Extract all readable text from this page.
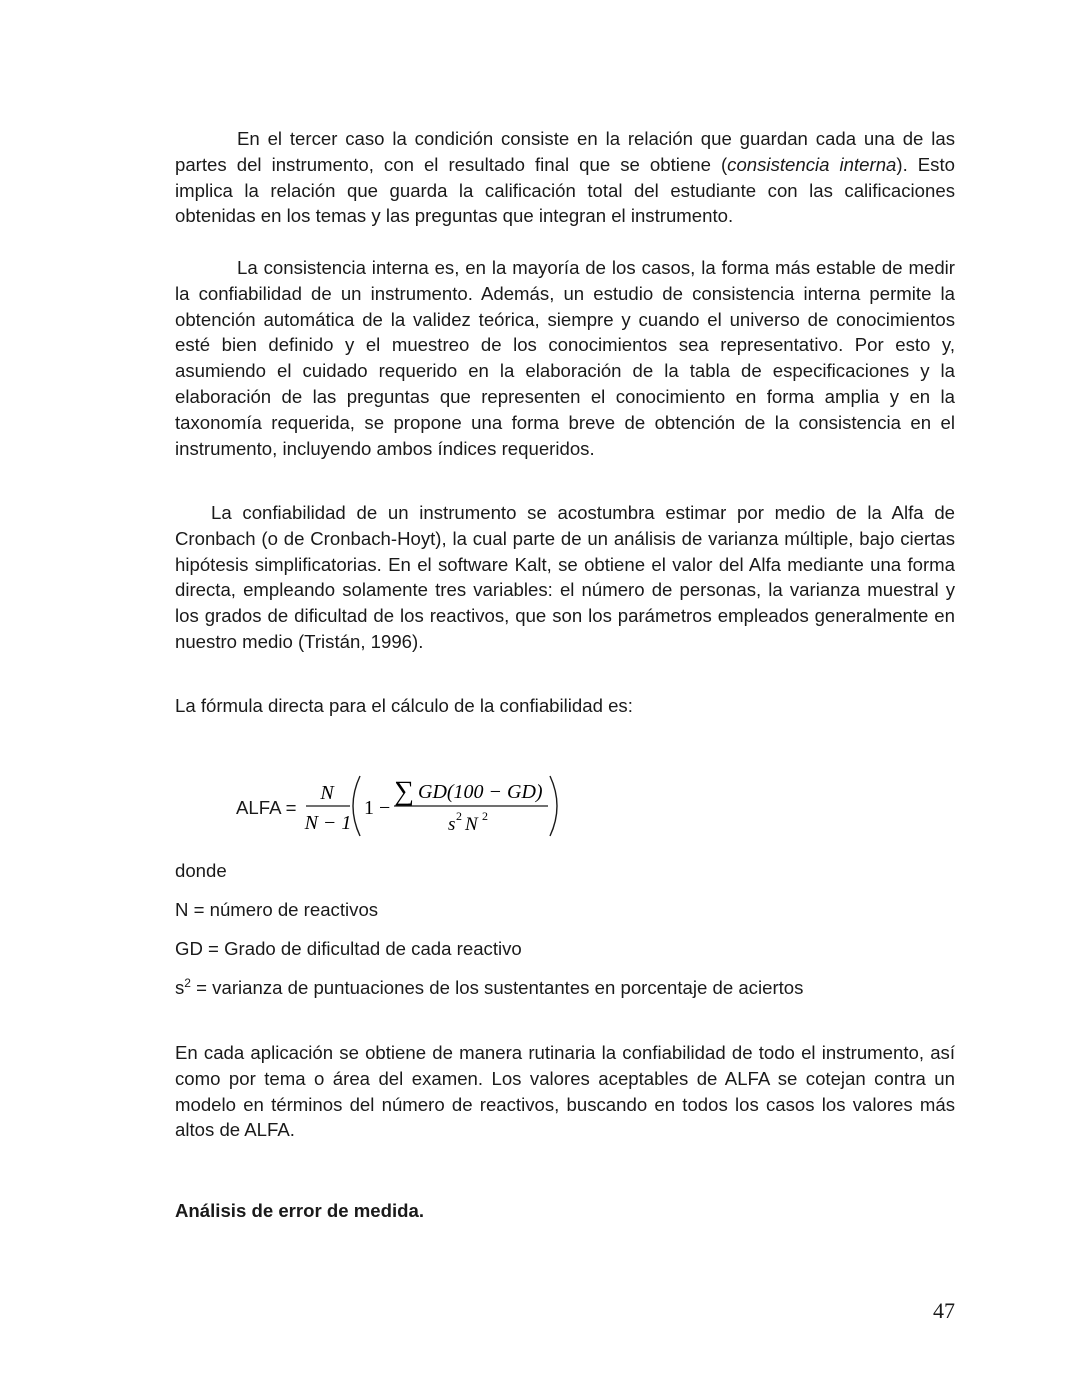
En el tercer caso la condición consiste en la relación que guardan cada una de las partes del instrumento, con el resultado final que se obtiene (consistencia interna). Esto implica la relación que guarda la calificación total del estudiante con las calificaciones obtenidas en los temas y las preguntas que integran el instrumento.

La consistencia interna es, en la mayoría de los casos, la forma más estable de medir la confiabilidad de un instrumento. Además, un estudio de consistencia interna permite la obtención automática de la validez teórica, siempre y cuando el universo de conocimientos esté bien definido y el muestreo de los conocimientos sea representativo. Por esto y, asumiendo el cuidado requerido en la elaboración de la tabla de especificaciones y la elaboración de las preguntas que representen el conocimiento en forma amplia y en la taxonomía requerida, se propone una forma breve de obtención de la consistencia en el instrumento, incluyendo ambos índices requeridos.

La confiabilidad de un instrumento se acostumbra estimar por medio de la Alfa de Cronbach (o de Cronbach-Hoyt), la cual parte de un análisis de varianza múltiple, bajo ciertas hipótesis simplificatorias. En el software Kalt, se obtiene el valor del Alfa mediante una forma directa, empleando solamente tres variables: el número de personas, la varianza muestral y los grados de dificultad de los reactivos, que son los parámetros empleados generalmente en nuestro medio (Tristán, 1996).

La fórmula directa para el cálculo de la confiabilidad es:

ALFA =
N
N − 1
1 −
∑ GD(100 − GD)
s 2 N 2

donde

N = número de reactivos

GD = Grado de dificultad de cada reactivo

$s^2$ = varianza de puntuaciones de los sustentantes en porcentaje de aciertos

En cada aplicación se obtiene de manera rutinaria la confiabilidad de todo el instrumento, así como por tema o área del examen. Los valores aceptables de ALFA se cotejan contra un modelo en términos del número de reactivos, buscando en todos los casos los valores más altos de ALFA.

Análisis de error de medida.

47
